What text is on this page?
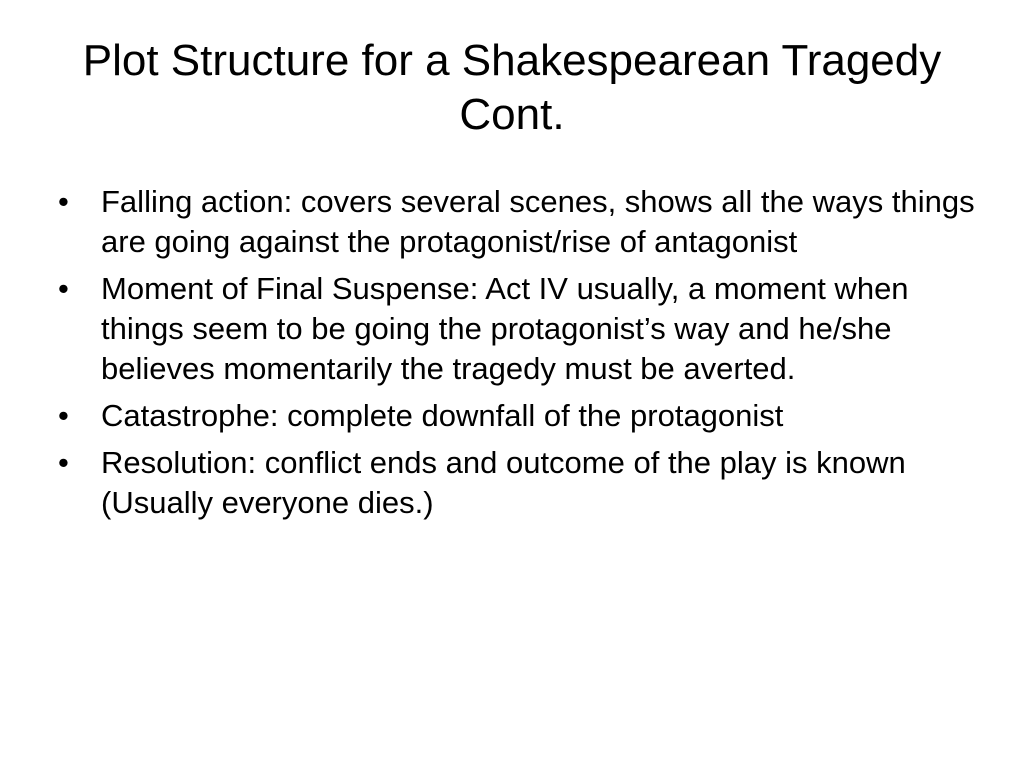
Plot Structure for a Shakespearean Tragedy Cont.
• Falling action: covers several scenes, shows all the ways things are going against the protagonist/rise of antagonist
• Moment of Final Suspense: Act IV usually, a moment when things seem to be going the protagonist’s way and he/she believes momentarily the tragedy must be averted.
• Catastrophe: complete downfall of the protagonist
• Resolution: conflict ends and outcome of the play is known (Usually everyone dies.)
